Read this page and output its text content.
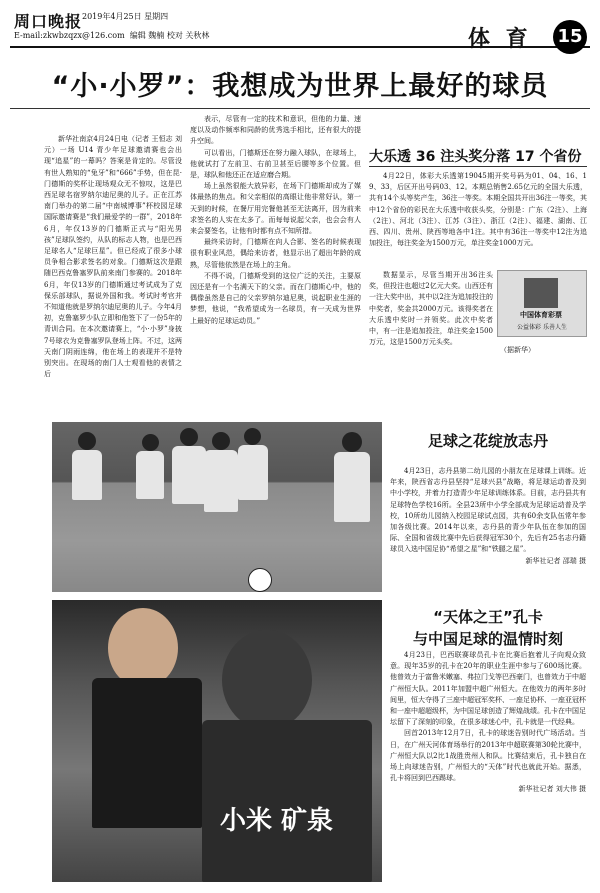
周口晚报 2019年4月25日 星期四
E-mail:zkwbzqzx@126.com 编辑 魏楠 校对 关秋林	体 育 15
“小·小罗”：我想成为世界上最好的球员

新华社南京4月24日电（记者 王恒志 刘元）一场 U14 青少年足球邀请赛也会出现“追星”的一幕吗？答案是肯定的。尽管没有世人熟知的“兔牙”和“666”手势，但在昆·门德斯的奖杯让现场观众无不惊叹，这是巴西足球名宿罗纳尔迪尼奥的儿子。正在江苏南门举办的第二届“中南城博事”杯校园足球国际邀请赛是“我们最爱学的一群”，2018年6月，年仅13岁的门德斯正式与“阳光男孩”足球队签约，从队的标志人物，也是巴西足球名人“足球巨星”。但已经成了很多小球员争相合影求签名的对象。门德斯这次是跟随巴西克鲁塞罗队前来南门参赛的。2018年6月，年仅13岁的门德斯通过考试成为了克保乐部球队，据说外国和我。考试时考官并不知道他就是罗纳尔迪尼奥的儿子。今年4月初，克鲁塞罗少队立即和他签下了一份5年的青训合同。在本次邀请赛上，“小·小罗”身披7号球衣为克鲁塞罗队登场上阵。不过，这两天南门阴雨连绵，他在场上的表现并不是特别突出。在现场的南门人士观看他的表情之后

表示，尽管有一定的技术和意识，但他的力量、速度以及动作频率和同龄的优秀选手相比，还有很大的提升空间。

可以看出，门德斯还在努力融入球队，在球场上，他就试打了左前卫、右前卫甚至后腰等多个位置。但是，球队和他还正在适应磨合期。

场上虽然很能大放异彩，在场下门德斯却成为了媒体最热的焦点。和父亲相似的高眼让他非常好认，第一天到的时候，在餐厅用完餐他甚至无法离开，因为前来求签名的人实在太多了。而每每说起父亲，也会会有人来会要签名，让他有时都有点不知所措。

最终采访时，门德斯在向人合影、签名的时候表现很有职业风范，偶给来访者，他显示出了超出年龄的成熟，尽管他依然是在场上的主角。

不得不说，门德斯受到的这位广泛的关注，主要原因还是有一个名满天下的父亲。而在门德斯心中，他的偶像虽然是自己的父亲罗纳尔迪尼奥，说起职业生涯的梦想，他说，“我希望成为一名球员，有一天成为世界上最好的足球运动员。”

大乐透 36 注头奖分落 17 个省份
4月22日，体彩大乐透第19045期开奖号码为01、04、16、19、33，后区开出号码03、12。本期总销售2.65亿元的全国大乐透，共有14个头等奖产生，36注一等奖。本期全国共开出36注一等奖，其中12个省份的彩民在大乐透中收获头奖，分别是：广东（2注）、上海（2注）、河北（3注）、江苏（3注）、浙江（2注）、福建、湖南、江西、四川、贵州、陕西等地各中1注。其中有36注一等奖中12注为追加投注，每注奖金为1500万元，单注奖金1000万元。
数据显示，尽管当期开出36注头奖，但投注也超过2亿元大奖。山西还有一注大奖中出，其中以2注为追加投注的中奖者，奖金共2000万元。该得奖者在大乐透中奖时一并领奖。此次中奖者中，有一注是追加投注，单注奖金1500万元，这是1500万元头奖。
中国体育彩票
公益体彩 乐善人生
（据新华）
足球之花绽放志丹

4月23日，志丹县第二幼儿园的小朋友在足球课上训练。近年来，陕西省志丹县坚持“足球兴县”战略，将足球运动普及到中小学校，并着力打造青少年足球训练体系。目前，志丹县共有足球特色学校16所。全县23所中小学全部成为足球运动普及学校，10所幼儿园纳入校园足球试点园，共有60余支队伍常年参加各级比赛。2014年以来，志丹县的青少年队伍在参加的国际、全国和省级比赛中先后获得冠军30个，先后有25名志丹籍球员入选中国足协“希望之星”和“铁腿之星”。

新华社记者 邵瑞 摄

小米 矿泉
“天体之王”孔卡
与中国足球的温情时刻

4月23日，巴西联赛球员孔卡在比赛后抱着儿子向观众致意。现年35岁的孔卡在20年的职业生涯中参与了600场比赛。他曾效力于富鲁米嫩塞、弗拉门戈等巴西豪门，也曾效力于中超广州恒大队。2011年加盟中超广州恒大。在他效力的两年多时间里，恒大夺得了三座中超冠军奖杯、一座足协杯、一座亚冠杯和一座中超超级杯，为中国足球创造了辉煌战绩。孔卡在中国足坛留下了深刻的印象，在很多球迷心中，孔卡就是一代经典。

回首2013年12月7日，孔卡的球迷告别时代广场活动。当日，在广州天河体育场举行的2013年中超联赛第30轮比赛中，广州恒大队以2比1战胜贵州人和队。比赛结束后，孔卡独自在场上向球迷告别，广州恒大的“天体”时代也就此开始。据悉，孔卡将回到巴西踢球。

新华社记者 刘大伟 摄
